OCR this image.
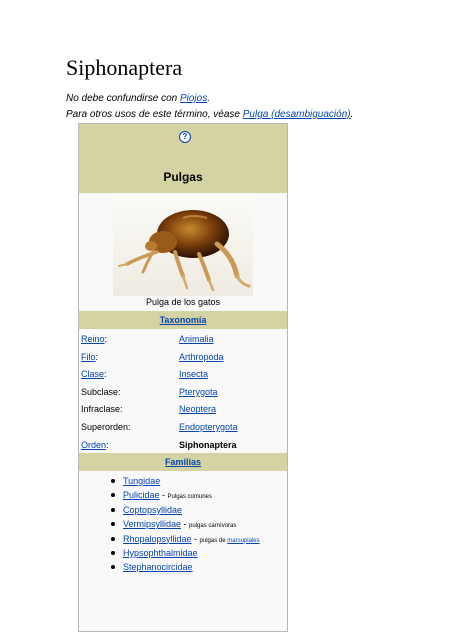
Siphonaptera
No debe confundirse con Piojos.
Para otros usos de este término, véase Pulga (desambiguación).
?
Pulgas
Pulga de los gatos
Taxonomía
Reino:	Animalia
Filo:	Arthropoda
Clase:	Insecta
Subclase:	Pterygota
Infraclase:	Neoptera
Superorden:	Endopterygota
Orden:	Siphonaptera
Familias
Tungidae
Pulicidae - Pulgas comunes
Coptopsyllidae
Vermipsyllidae - pulgas carnívoras
Rhopalopsyllidae - pulgas de marsupiales
Hypsophthalmidae
Stephanocircidae
